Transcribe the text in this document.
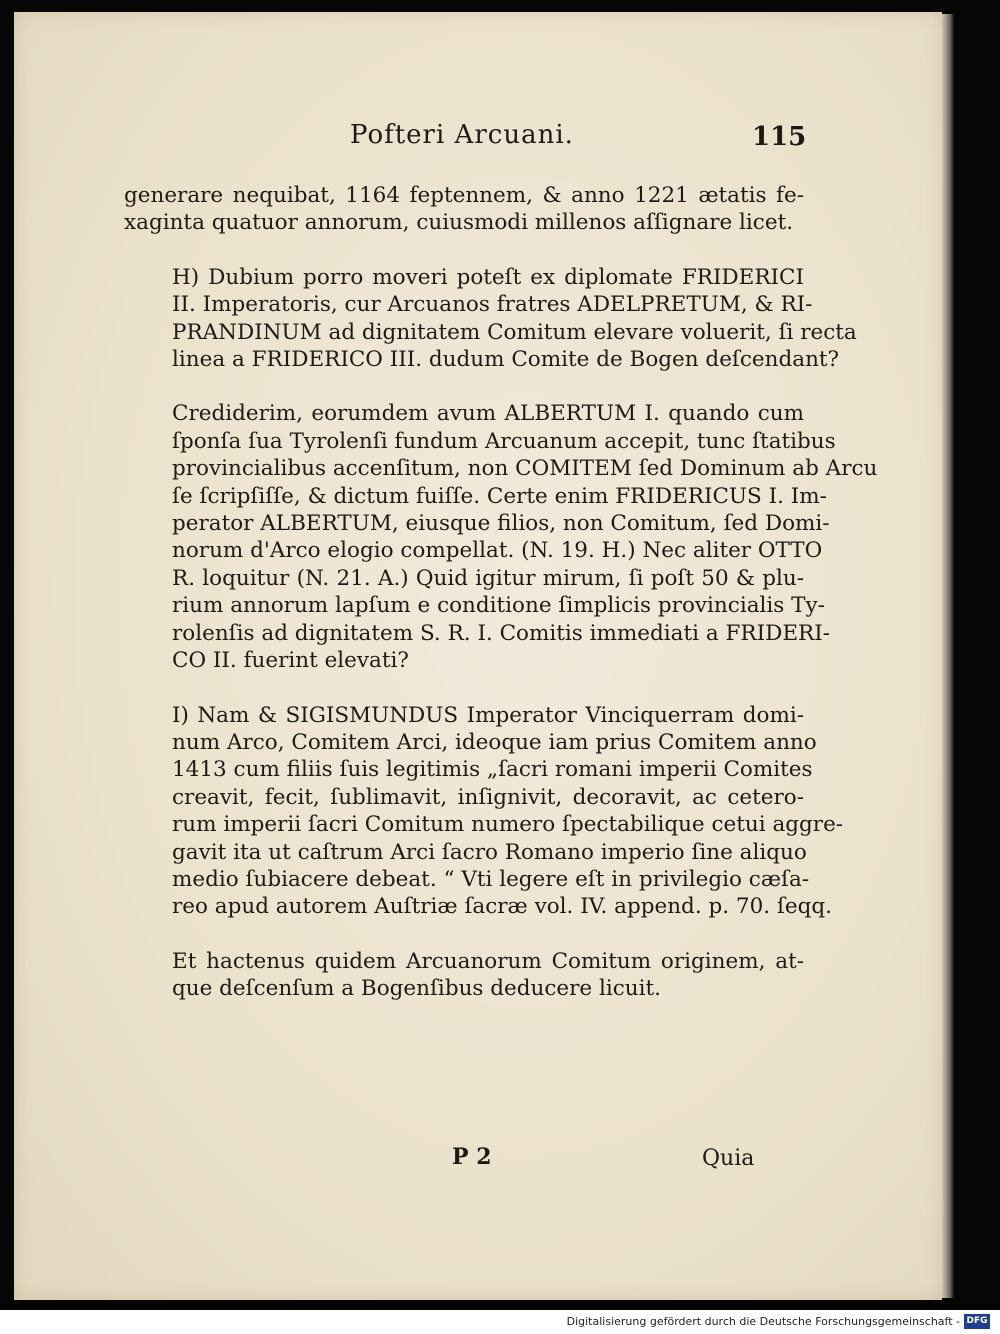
Pofteri Arcuani.	115

generare nequibat, 1164 feptennem, & anno 1221 ætatis fe-
xaginta quatuor annorum, cuiusmodi millenos aſſignare licet.

H) Dubium porro moveri poteſt ex diplomate FRIDERICI
II. Imperatoris, cur Arcuanos fratres ADELPRETUM, & RI-
PRANDINUM ad dignitatem Comitum elevare voluerit, ſi recta
linea a FRIDERICO III. dudum Comite de Bogen deſcendant?

Crediderim, eorumdem avum ALBERTUM I. quando cum
ſponſa ſua Tyrolenſi fundum Arcuanum accepit, tunc ſtatibus
provincialibus accenſitum, non COMITEM ſed Dominum ab Arcu
ſe ſcripſiſſe, & dictum fuiſſe. Certe enim FRIDERICUS I. Im-
perator ALBERTUM, eiusque filios, non Comitum, ſed Domi-
norum d'Arco elogio compellat. (N. 19. H.) Nec aliter OTTO
R. loquitur (N. 21. A.) Quid igitur mirum, ſi poſt 50 & plu-
rium annorum lapſum e conditione ſimplicis provincialis Ty-
rolenſis ad dignitatem S. R. I. Comitis immediati a FRIDERI-
CO II. fuerint elevati?

I) Nam & SIGISMUNDUS Imperator Vinciquerram domi-
num Arco, Comitem Arci, ideoque iam prius Comitem anno
1413 cum filiis ſuis legitimis „ſacri romani imperii Comites
creavit, fecit, ſublimavit, inſignivit, decoravit, ac cetero-
rum imperii ſacri Comitum numero ſpectabilique cetui aggre-
gavit ita ut caſtrum Arci ſacro Romano imperio ſine aliquo
medio ſubiacere debeat. “ Vti legere eſt in privilegio cæſa-
reo apud autorem Auſtriæ ſacræ vol. IV. append. p. 70. ſeqq.

Et hactenus quidem Arcuanorum Comitum originem, at-
que deſcenſum a Bogenſibus deducere licuit.

P 2	Quia
Digitalisierung gefördert durch die Deutsche Forschungsgemeinschaft - DFG
